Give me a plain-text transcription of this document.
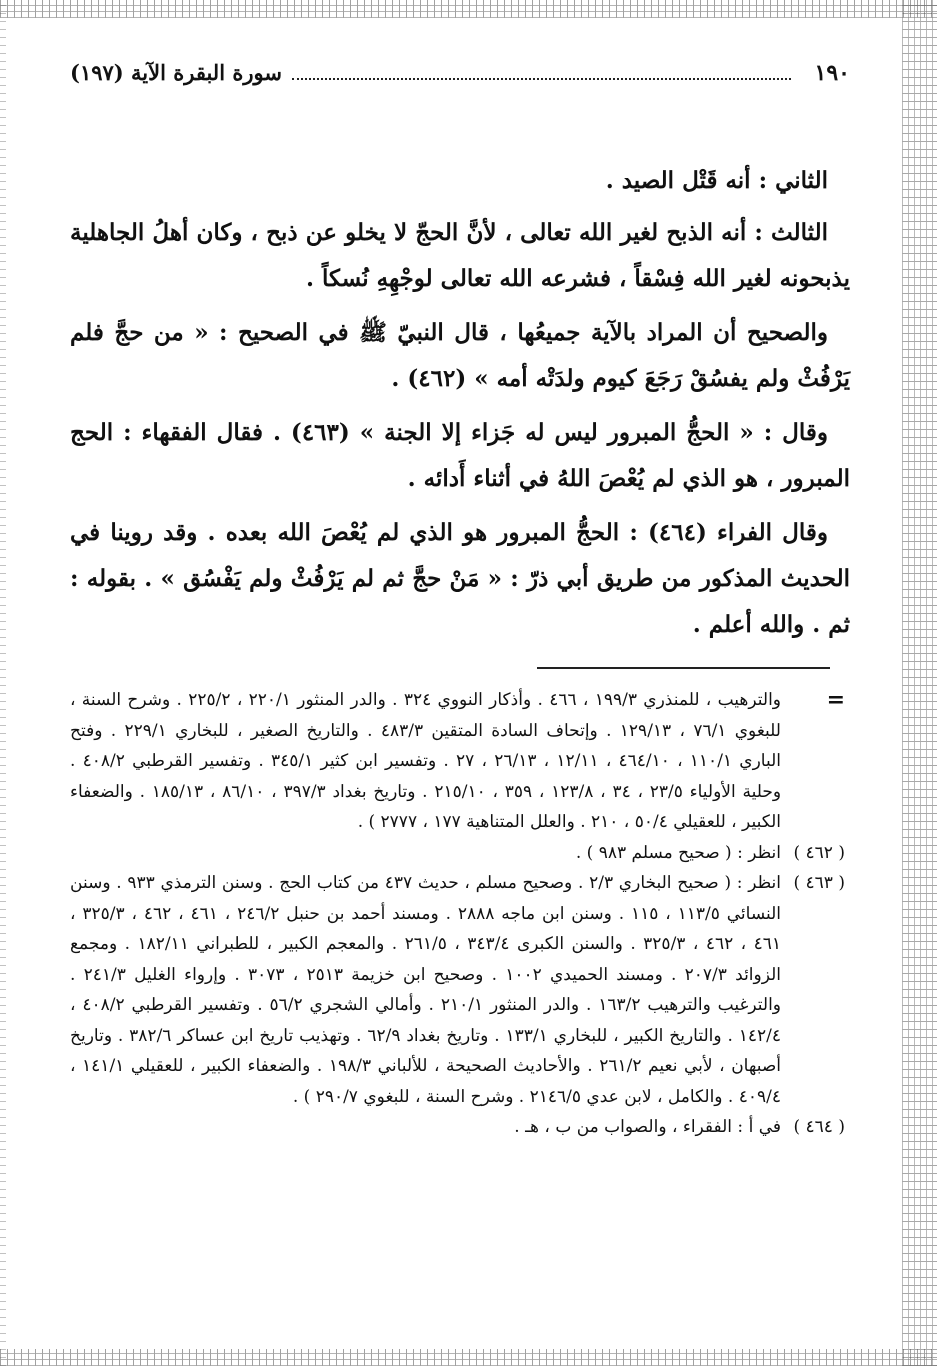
١٩٠
سورة البقرة الآية (١٩٧)

الثاني : أنه قَتْل الصيد .

الثالث : أنه الذبح لغير الله تعالى ، لأنَّ الحجّ لا يخلو عن ذبح ، وكان أهلُ الجاهلية يذبحونه لغير الله فِسْقاً ، فشرعه الله تعالى لوجْهِهِ نُسكاً .

والصحيح أن المراد بالآية جميعُها ، قال النبيّ ﷺ في الصحيح : « من حجَّ فلم يَرْفُثْ ولم يفسُقْ رَجَعَ كيوم ولدَتْه أمه » (٤٦٢) .

وقال : « الحجُّ المبرور ليس له جَزاء إلا الجنة » (٤٦٣) . فقال الفقهاء : الحج المبرور ، هو الذي لم يُعْصَ اللهُ في أثناء أَدائه .

وقال الفراء (٤٦٤) : الحجُّ المبرور هو الذي لم يُعْصَ الله بعده . وقد روينا في الحديث المذكور من طريق أبي ذرّ : « مَنْ حجَّ ثم لم يَرْفُثْ ولم يَفْسُق » . بقوله : ثم . والله أعلم .

=
والترهيب ، للمنذري ١٩٩/٣ ، ٤٦٦ . وأذكار النووي ٣٢٤ . والدر المنثور ٢٢٠/١ ، ٢٢٥/٢ . وشرح السنة ، للبغوي ٧٦/١ ، ١٢٩/١٣ . وإتحاف السادة المتقين ٤٨٣/٣ . والتاريخ الصغير ، للبخاري ٢٢٩/١ . وفتح الباري ١١٠/١ ، ٤٦٤/١٠ ، ١٢/١١ ، ٢٦/١٣ ، ٢٧ . وتفسير ابن كثير ٣٤٥/١ . وتفسير القرطبي ٤٠٨/٢ . وحلية الأولياء ٢٣/٥ ، ٣٤ ، ١٢٣/٨ ، ٣٥٩ ، ٢١٥/١٠ . وتاريخ بغداد ٣٩٧/٣ ، ٨٦/١٠ ، ١٨٥/١٣ . والضعفاء الكبير ، للعقيلي ٥٠/٤ ، ٢١٠ . والعلل المتناهية ١٧٧ ، ٢٧٧٧ ) .
( ٤٦٢ )
انظر : ( صحيح مسلم ٩٨٣ ) .
( ٤٦٣ )
انظر : ( صحيح البخاري ٢/٣ . وصحيح مسلم ، حديث ٤٣٧ من كتاب الحج . وسنن الترمذي ٩٣٣ . وسنن النسائي ١١٣/٥ ، ١١٥ . وسنن ابن ماجه ٢٨٨٨ . ومسند أحمد بن حنبل ٢٤٦/٢ ، ٤٦١ ، ٤٦٢ ، ٣٢٥/٣ ، ٤٦١ ، ٤٦٢ ، ٣٢٥/٣ . والسنن الكبرى ٣٤٣/٤ ، ٢٦١/٥ . والمعجم الكبير ، للطبراني ١٨٢/١١ . ومجمع الزوائد ٢٠٧/٣ . ومسند الحميدي ١٠٠٢ . وصحيح ابن خزيمة ٢٥١٣ ، ٣٠٧٣ . وإرواء الغليل ٢٤١/٣ . والترغيب والترهيب ١٦٣/٢ . والدر المنثور ٢١٠/١ . وأمالي الشجري ٥٦/٢ . وتفسير القرطبي ٤٠٨/٢ ، ١٤٢/٤ . والتاريخ الكبير ، للبخاري ١٣٣/١ . وتاريخ بغداد ٦٢/٩ . وتهذيب تاريخ ابن عساكر ٣٨٢/٦ . وتاريخ أصبهان ، لأبي نعيم ٢٦١/٢ . والأحاديث الصحيحة ، للألباني ١٩٨/٣ . والضعفاء الكبير ، للعقيلي ١٤١/١ ، ٤٠٩/٤ . والكامل ، لابن عدي ٢١٤٦/٥ . وشرح السنة ، للبغوي ٢٩٠/٧ ) .
( ٤٦٤ )
في أ : الفقراء ، والصواب من ب ، هـ .
